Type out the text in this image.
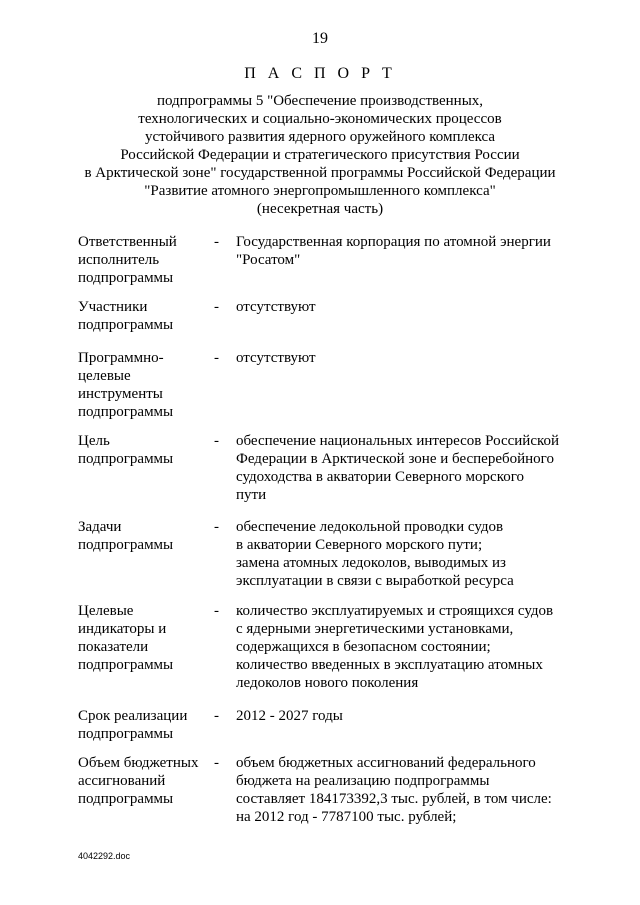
19
П А С П О Р Т
подпрограммы 5 "Обеспечение производственных,
технологических и социально-экономических процессов
устойчивого развития ядерного оружейного комплекса
Российской Федерации и стратегического присутствия России
в Арктической зоне" государственной программы Российской Федерации
"Развитие атомного энергопромышленного комплекса"
(несекретная часть)
Ответственный
исполнитель
подпрограммы
- Государственная корпорация по атомной энергии
"Росатом"
Участники
подпрограммы
- отсутствуют
Программно-
целевые
инструменты
подпрограммы
- отсутствуют
Цель
подпрограммы
- обеспечение национальных интересов Российской
Федерации в Арктической зоне и бесперебойного
судоходства в акватории Северного морского
пути
Задачи
подпрограммы
- обеспечение ледокольной проводки судов
в акватории Северного морского пути;
замена атомных ледоколов, выводимых из
эксплуатации в связи с выработкой ресурса
Целевые
индикаторы и
показатели
подпрограммы
- количество эксплуатируемых и строящихся судов
с ядерными энергетическими установками,
содержащихся в безопасном состоянии;
количество введенных в эксплуатацию атомных
ледоколов нового поколения
Срок реализации
подпрограммы
- 2012 - 2027 годы
Объем бюджетных
ассигнований
подпрограммы
- объем бюджетных ассигнований федерального
бюджета на реализацию подпрограммы
составляет 184173392,3 тыс. рублей, в том числе:
на 2012 год - 7787100 тыс. рублей;
4042292.doc
